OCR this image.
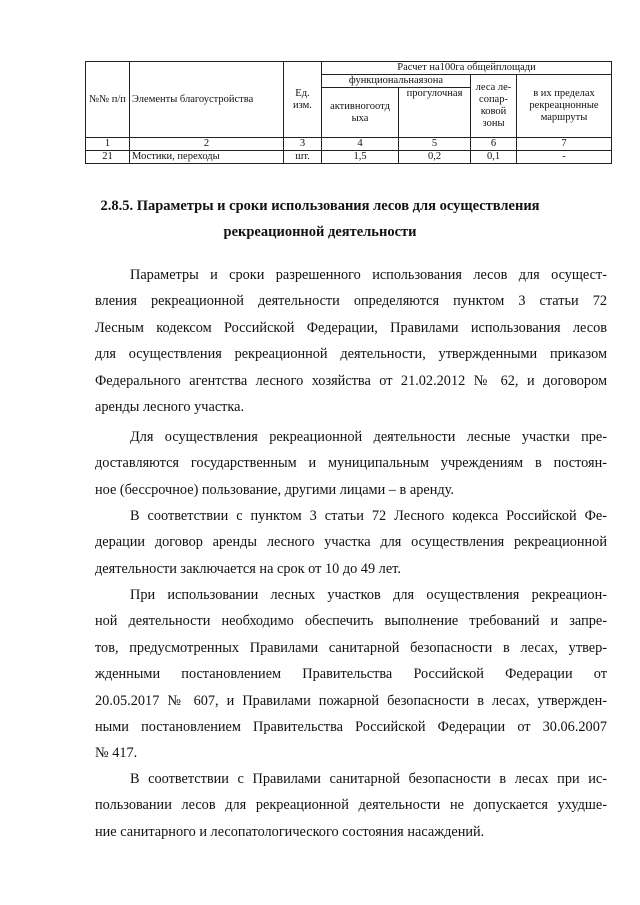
№№ п/п	Элементы благоустройства	Ед. изм.	Расчет на100га общейплощади			
			функциональнаязона		леса ле- сопар- ковой зоны	в их пределах рекреацнонные маршруты
			активногоотд ыха	прогулочная		
1	2	3	4	5	6	7
21	Мостики, переходы	шт.	1,5	0,2	0,1	-
2.8.5. Параметры и сроки использования лесов для осуществления
рекреационной деятельности
Параметры и сроки разрешенного использования лесов для осущест-
вления рекреационной деятельности определяются пунктом 3 статьи 72
Лесным кодексом Российской Федерации, Правилами использования лесов
для осуществления рекреационной деятельности, утвержденными приказом
Федерального агентства лесного хозяйства от 21.02.2012 № 62, и договором
аренды лесного участка.
Для осуществления рекреационной деятельности лесные участки пре-
доставляются государственным и муниципальным учреждениям в постоян-
ное (бессрочное) пользование, другими лицами – в аренду.
В соответствии с пунктом 3 статьи 72 Лесного кодекса Российской Фе-
дерации договор аренды лесного участка для осуществления рекреационной
деятельности заключается на срок от 10 до 49 лет.
При использовании лесных участков для осуществления рекреацион-
ной деятельности необходимо обеспечить выполнение требований и запре-
тов, предусмотренных Правилами санитарной безопасности в лесах, утвер-
жденными постановлением Правительства Российской Федерации от
20.05.2017 № 607, и Правилами пожарной безопасности в лесах, утвержден-
ными постановлением Правительства Российской Федерации от 30.06.2007
№ 417.
В соответствии с Правилами санитарной безопасности в лесах при ис-
пользовании лесов для рекреационной деятельности не допускается ухудше-
ние санитарного и лесопатологического состояния насаждений.
